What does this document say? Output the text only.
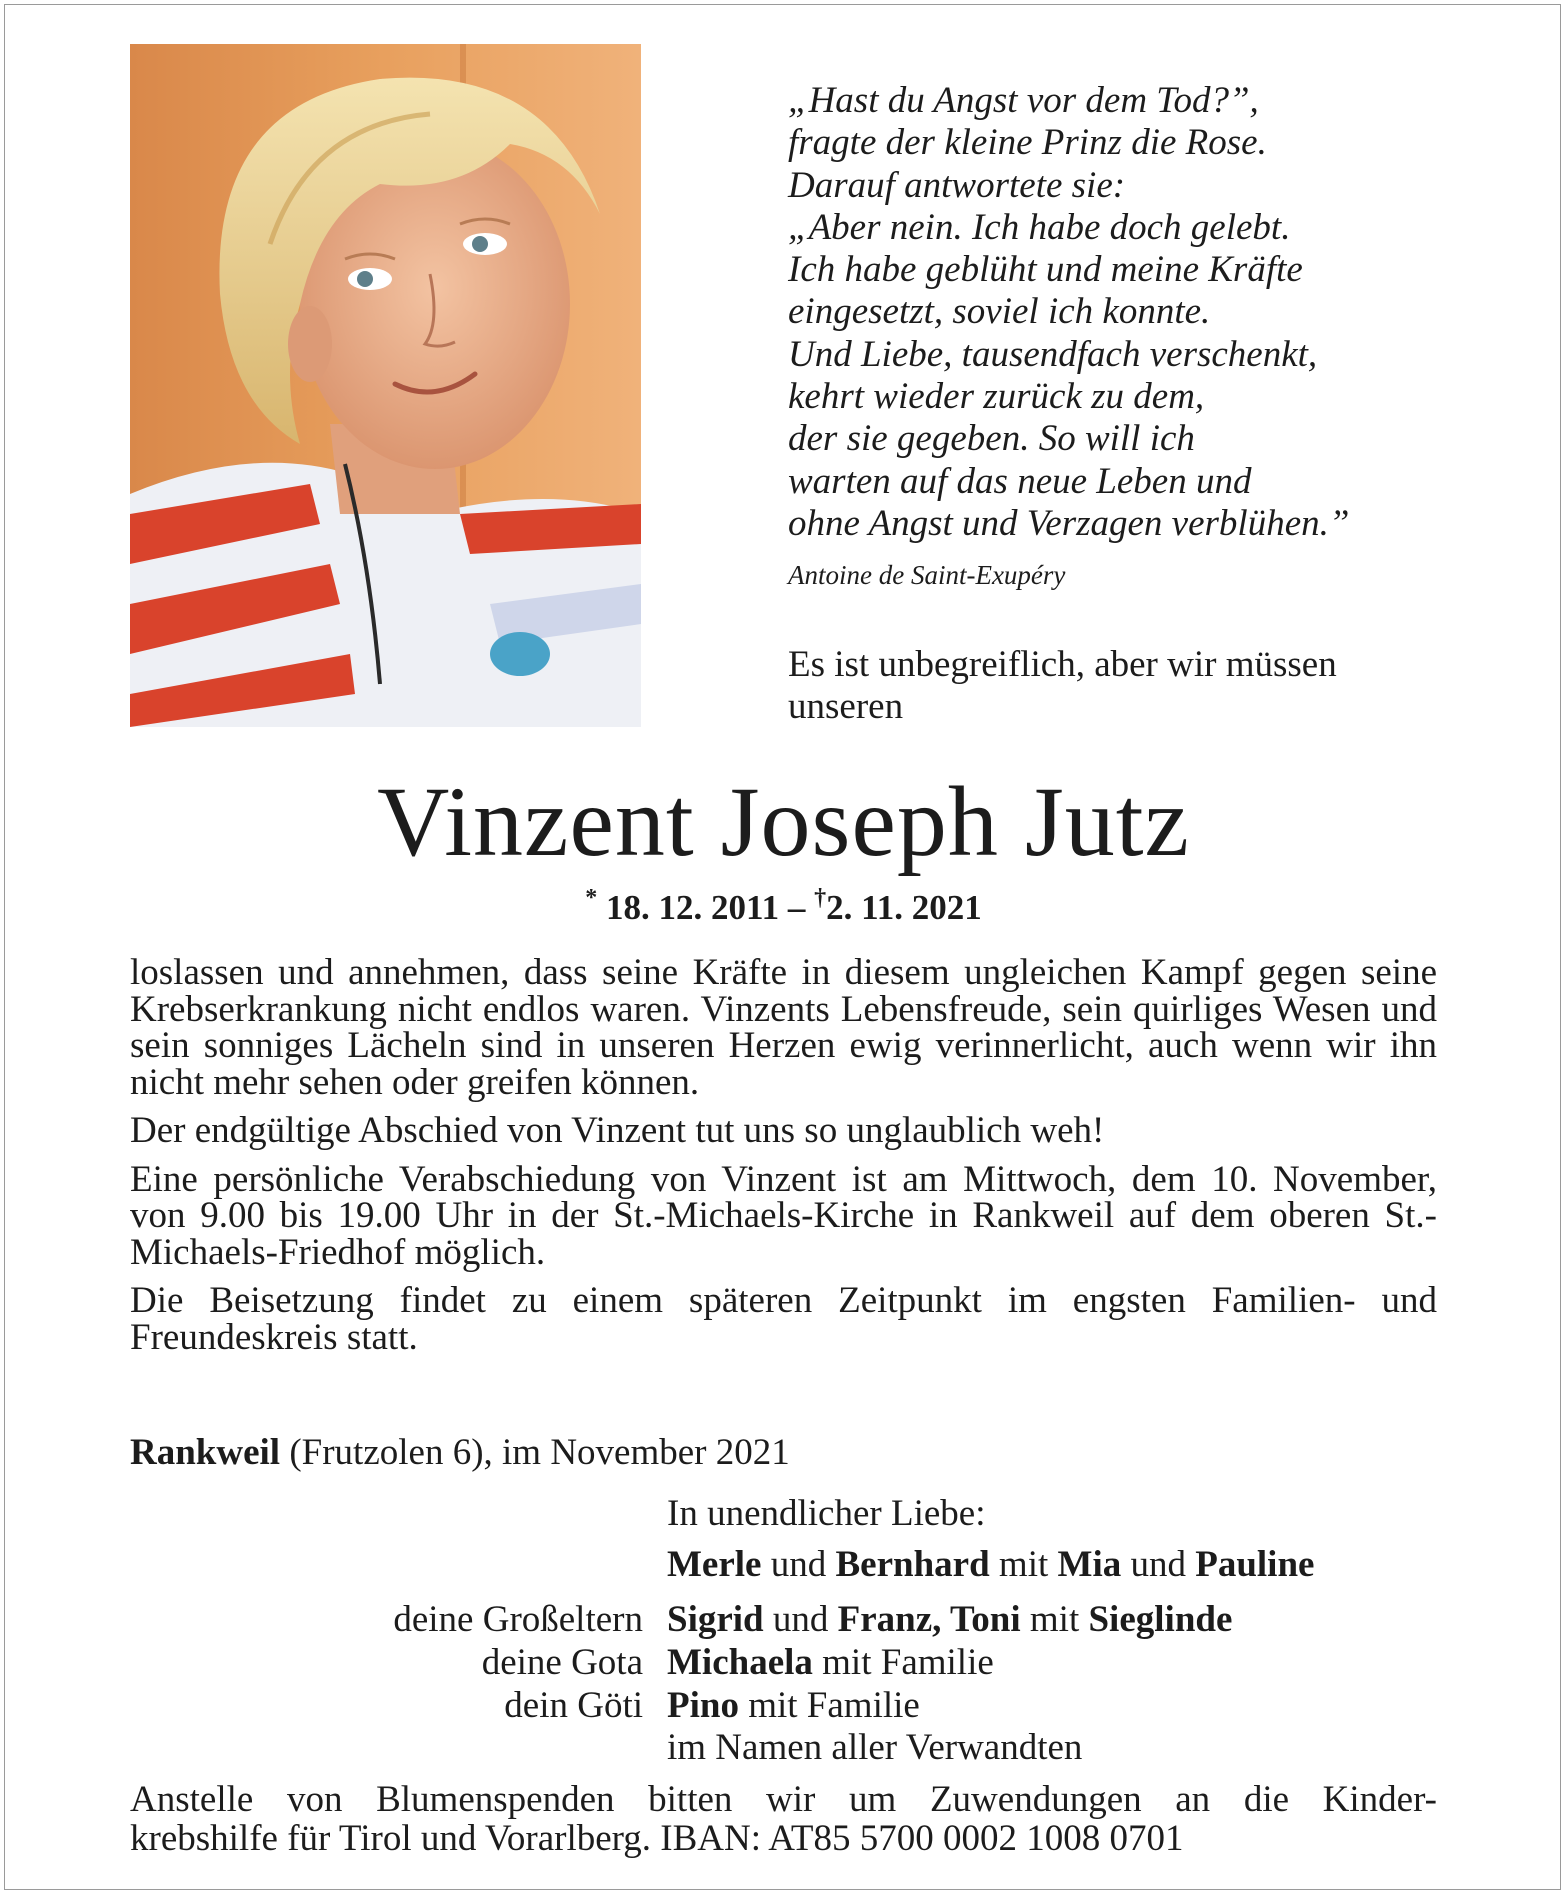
„Hast du Angst vor dem Tod?”,
fragte der kleine Prinz die Rose.
Darauf antwortete sie:
„Aber nein. Ich habe doch gelebt.
Ich habe geblüht und meine Kräfte
eingesetzt, soviel ich konnte.
Und Liebe, tausendfach verschenkt,
kehrt wieder zurück zu dem,
der sie gegeben. So will ich
warten auf das neue Leben und
ohne Angst und Verzagen verblühen.”

Antoine de Saint-Exupéry

Es ist unbegreiflich, aber wir müssen unseren

Vinzent Joseph Jutz

* 18. 12. 2011 – †2. 11. 2021

loslassen und annehmen, dass seine Kräfte in diesem ungleichen Kampf gegen seine Krebserkrankung nicht endlos waren. Vinzents Lebensfreude, sein quirliges Wesen und sein sonniges Lächeln sind in unseren Herzen ewig verinnerlicht, auch wenn wir ihn nicht mehr sehen oder greifen können.

Der endgültige Abschied von Vinzent tut uns so unglaublich weh!

Eine persönliche Verabschiedung von Vinzent ist am Mittwoch, dem 10. November, von 9.00 bis 19.00 Uhr in der St.-Michaels-Kirche in Rankweil auf dem oberen St.-Michaels-Friedhof möglich.

Die Beisetzung findet zu einem späteren Zeitpunkt im engsten Familien- und Freundeskreis statt.

Rankweil (Frutzolen 6), im November 2021

In unendlicher Liebe:

Merle und Bernhard mit Mia und Pauline
deine Großeltern Sigrid und Franz, Toni mit Sieglinde
deine Gota Michaela mit Familie
dein Göti Pino mit Familie
im Namen aller Verwandten
Anstelle von Blumenspenden bitten wir um Zuwendungen an die Kinder-
krebshilfe für Tirol und Vorarlberg. IBAN: AT85 5700 0002 1008 0701
